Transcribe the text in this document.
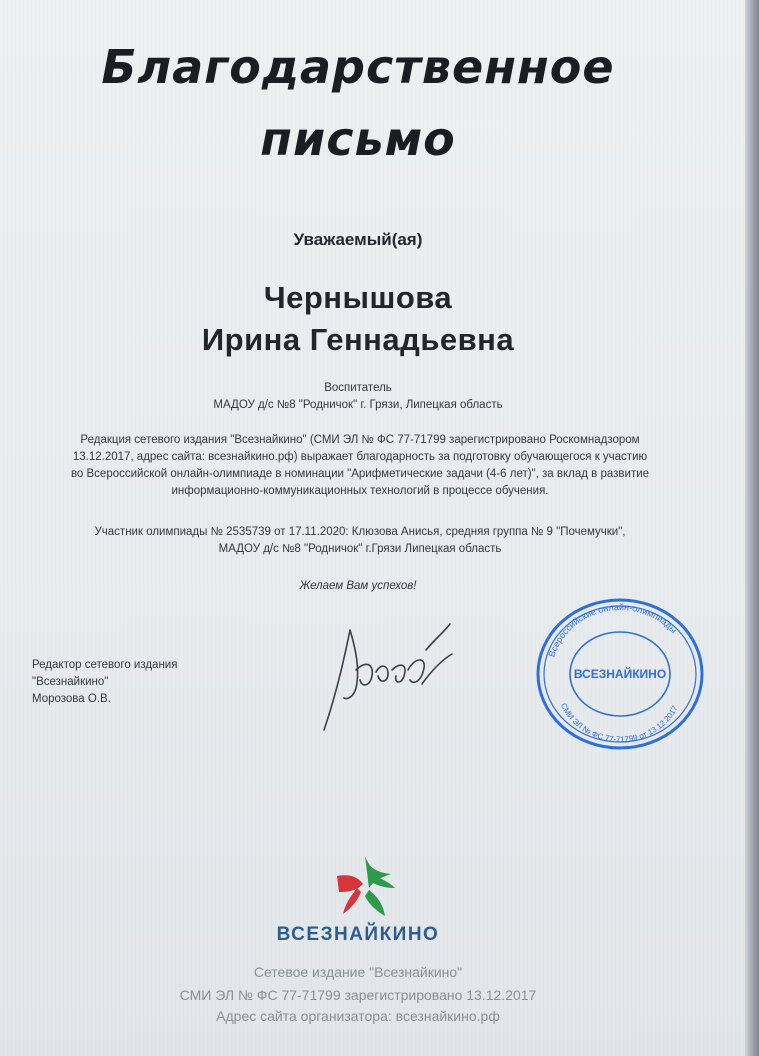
Благодарственное
письмо
Уважаемый(ая)
Чернышова
Ирина Геннадьевна
Воспитатель
МАДОУ д/с №8 "Родничок" г. Грязи, Липецкая область
Редакция сетевого издания "Всезнайкино" (СМИ ЭЛ № ФС 77-71799 зарегистрировано Роскомнадзором
13.12.2017, адрес сайта: всезнайкино.рф) выражает благодарность за подготовку обучающегося к участию
во Всероссийской онлайн-олимпиаде в номинации "Арифметические задачи (4-6 лет)", за вклад в развитие
информационно-коммуникационных технологий в процессе обучения.
Участник олимпиады № 2535739 от 17.11.2020: Клюзова Анисья, средняя группа № 9 "Почемучки",
МАДОУ д/с №8 "Родничок" г.Грязи Липецкая область
Желаем Вам успехов!
Редактор сетевого издания
"Всезнайкино"
Морозова О.В.
Всероссийские онлайн-олимпиады
СМИ ЭЛ № ФС 77-71799 от 13.12.2017
ВСЕЗНАЙКИНО
ВСЕЗНАЙКИНО
Сетевое издание "Всезнайкино"
СМИ ЭЛ № ФС 77-71799 зарегистрировано 13.12.2017
Адрес сайта организатора: всезнайкино.рф
